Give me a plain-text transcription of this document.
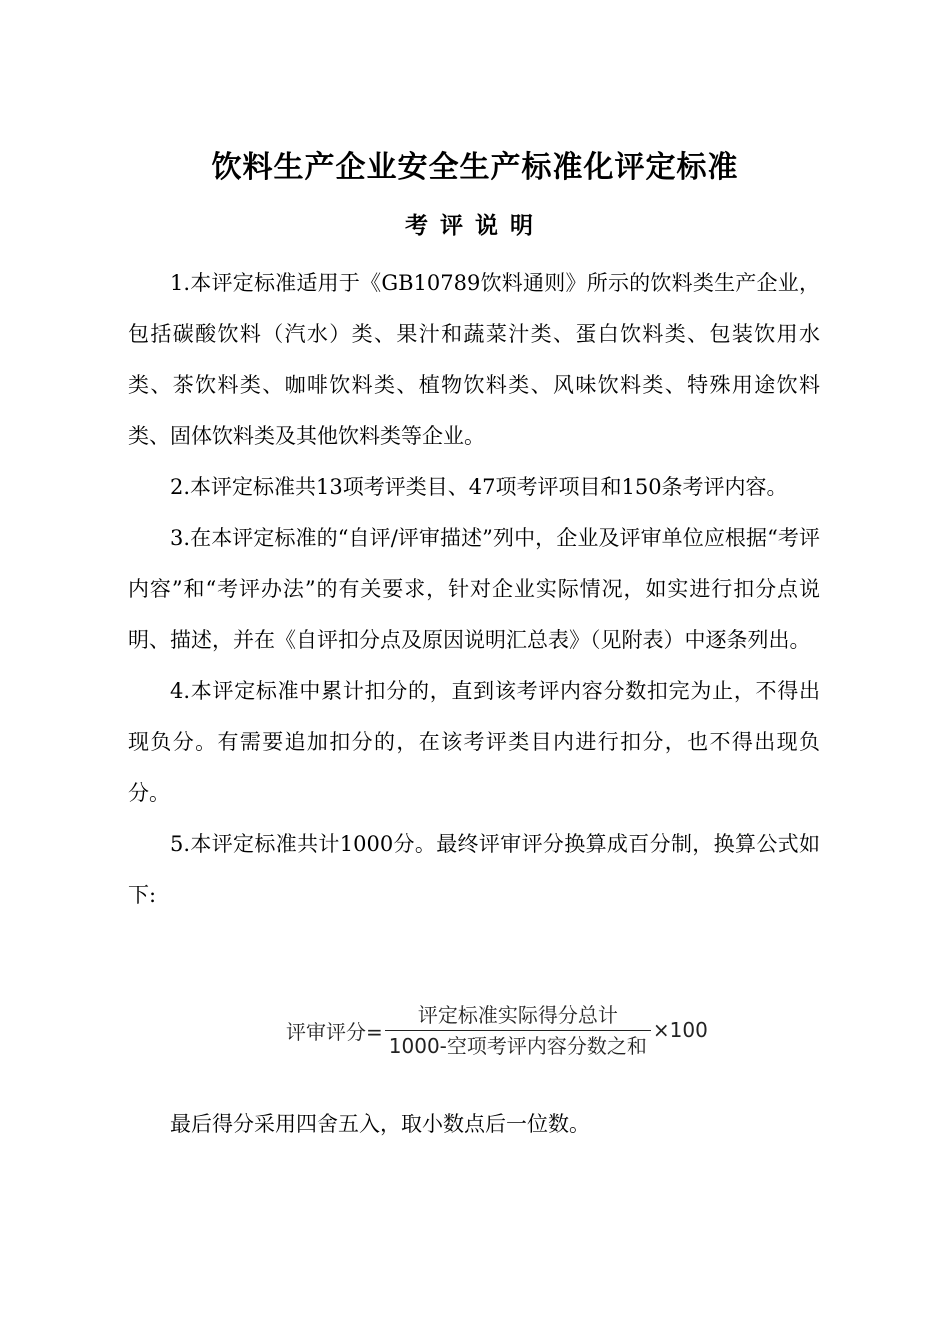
饮料生产企业安全生产标准化评定标准
考评说明

1.本评定标准适用于《GB10789饮料通则》所示的饮料类生产企业，包括碳酸饮料（汽水）类、果汁和蔬菜汁类、蛋白饮料类、包装饮用水类、茶饮料类、咖啡饮料类、植物饮料类、风味饮料类、特殊用途饮料类、固体饮料类及其他饮料类等企业。

2.本评定标准共13项考评类目、47项考评项目和150条考评内容。

3.在本评定标准的“自评/评审描述”列中，企业及评审单位应根据“考评内容”和“考评办法”的有关要求，针对企业实际情况，如实进行扣分点说明、描述，并在《自评扣分点及原因说明汇总表》（见附表）中逐条列出。

4.本评定标准中累计扣分的，直到该考评内容分数扣完为止，不得出现负分。有需要追加扣分的，在该考评类目内进行扣分，也不得出现负分。

5.本评定标准共计1000分。最终评审评分换算成百分制，换算公式如下:

评审评分= $\frac{\text{评定标准实际得分总计}}{\text{1000-空项考评内容分数之和}} \times 100$

最后得分采用四舍五入，取小数点后一位数。
